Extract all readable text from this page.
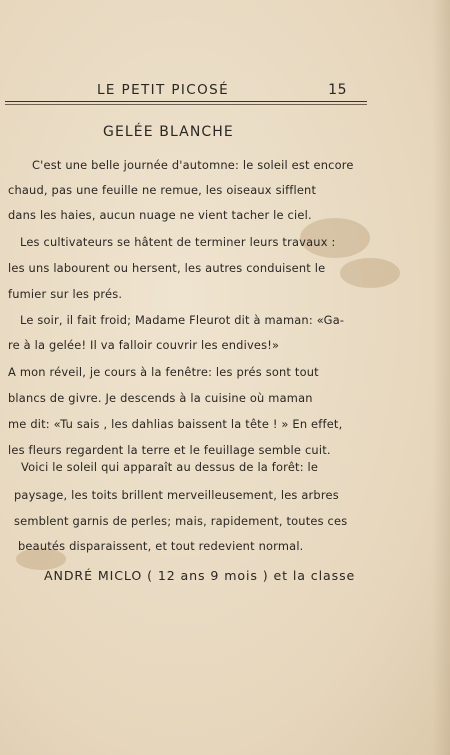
LE PETIT PICOSÉ	15
GELÉE BLANCHE
C'est une belle journée d'automne: le soleil est encore
chaud, pas une feuille ne remue, les oiseaux sifflent
dans les haies, aucun nuage ne vient tacher le ciel.
Les cultivateurs se hâtent de terminer leurs travaux :
les uns labourent ou hersent, les autres conduisent le
fumier sur les prés.
Le soir, il fait froid; Madame Fleurot dit à maman: «Ga-
re à la gelée! Il va falloir couvrir les endives!»
A mon réveil, je cours à la fenêtre: les prés sont tout
blancs de givre. Je descends à la cuisine où maman
me dit: «Tu sais , les dahlias baissent la tête ! » En effet,
les fleurs regardent la terre et le feuillage semble cuit.
Voici le soleil qui apparaît au dessus de la forêt: le
paysage, les toits brillent merveilleusement, les arbres
semblent garnis de perles; mais, rapidement, toutes ces
beautés disparaissent, et tout redevient normal.
ANDRÉ MICLO ( 12 ans 9 mois ) et la classe
